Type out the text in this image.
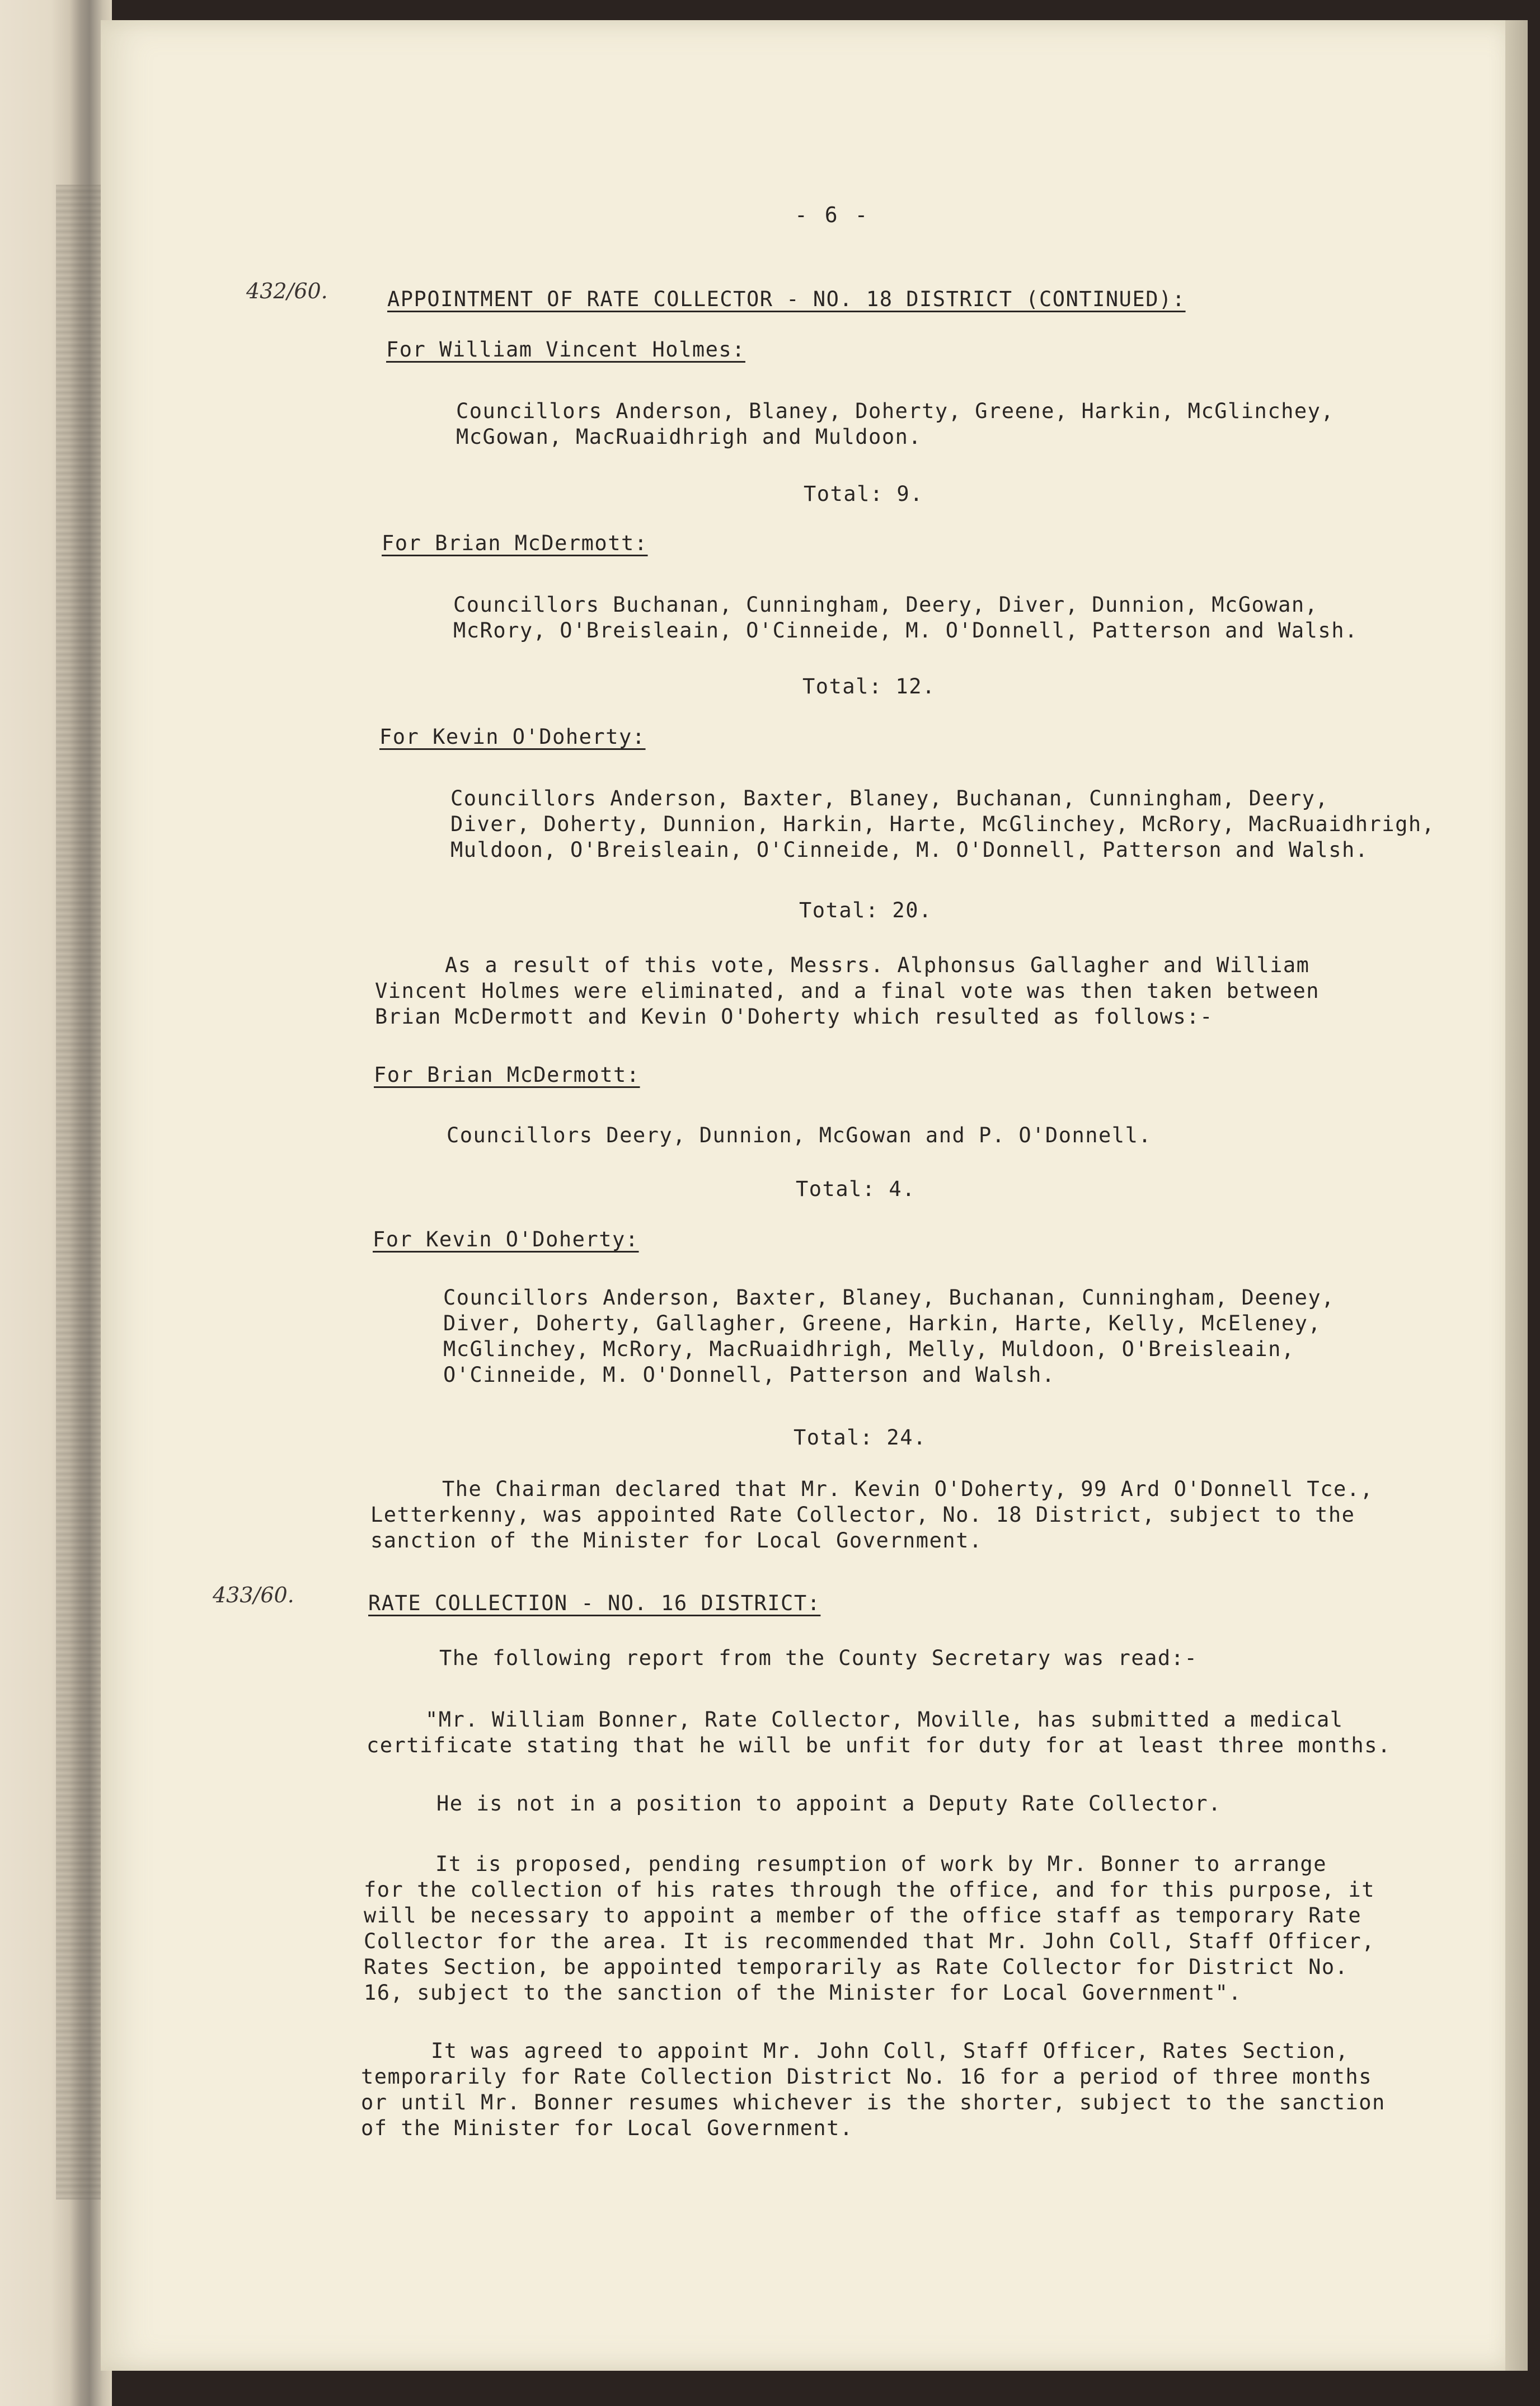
- 6 -
432/60.	APPOINTMENT OF RATE COLLECTOR - NO. 18 DISTRICT (CONTINUED):
For William Vincent Holmes:
Councillors Anderson, Blaney, Doherty, Greene, Harkin, McGlinchey,
McGowan, MacRuaidhrigh and Muldoon.
Total: 9.
For Brian McDermott:
Councillors Buchanan, Cunningham, Deery, Diver, Dunnion, McGowan,
McRory, O'Breisleain, O'Cinneide, M. O'Donnell, Patterson and Walsh.
Total: 12.
For Kevin O'Doherty:
Councillors Anderson, Baxter, Blaney, Buchanan, Cunningham, Deery,
Diver, Doherty, Dunnion, Harkin, Harte, McGlinchey, McRory, MacRuaidhrigh,
Muldoon, O'Breisleain, O'Cinneide, M. O'Donnell, Patterson and Walsh.
Total: 20.
As a result of this vote, Messrs. Alphonsus Gallagher and William
Vincent Holmes were eliminated, and a final vote was then taken between
Brian McDermott and Kevin O'Doherty which resulted as follows:-
For Brian McDermott:
Councillors Deery, Dunnion, McGowan and P. O'Donnell.
Total: 4.
For Kevin O'Doherty:
Councillors Anderson, Baxter, Blaney, Buchanan, Cunningham, Deeney,
Diver, Doherty, Gallagher, Greene, Harkin, Harte, Kelly, McEleney,
McGlinchey, McRory, MacRuaidhrigh, Melly, Muldoon, O'Breisleain,
O'Cinneide, M. O'Donnell, Patterson and Walsh.
Total: 24.
The Chairman declared that Mr. Kevin O'Doherty, 99 Ard O'Donnell Tce.,
Letterkenny, was appointed Rate Collector, No. 18 District, subject to the
sanction of the Minister for Local Government.
433/60.	RATE COLLECTION - NO. 16 DISTRICT:
The following report from the County Secretary was read:-
"Mr. William Bonner, Rate Collector, Moville, has submitted a medical
certificate stating that he will be unfit for duty for at least three months.
He is not in a position to appoint a Deputy Rate Collector.
It is proposed, pending resumption of work by Mr. Bonner to arrange
for the collection of his rates through the office, and for this purpose, it
will be necessary to appoint a member of the office staff as temporary Rate
Collector for the area. It is recommended that Mr. John Coll, Staff Officer,
Rates Section, be appointed temporarily as Rate Collector for District No.
16, subject to the sanction of the Minister for Local Government".
It was agreed to appoint Mr. John Coll, Staff Officer, Rates Section,
temporarily for Rate Collection District No. 16 for a period of three months
or until Mr. Bonner resumes whichever is the shorter, subject to the sanction
of the Minister for Local Government.
